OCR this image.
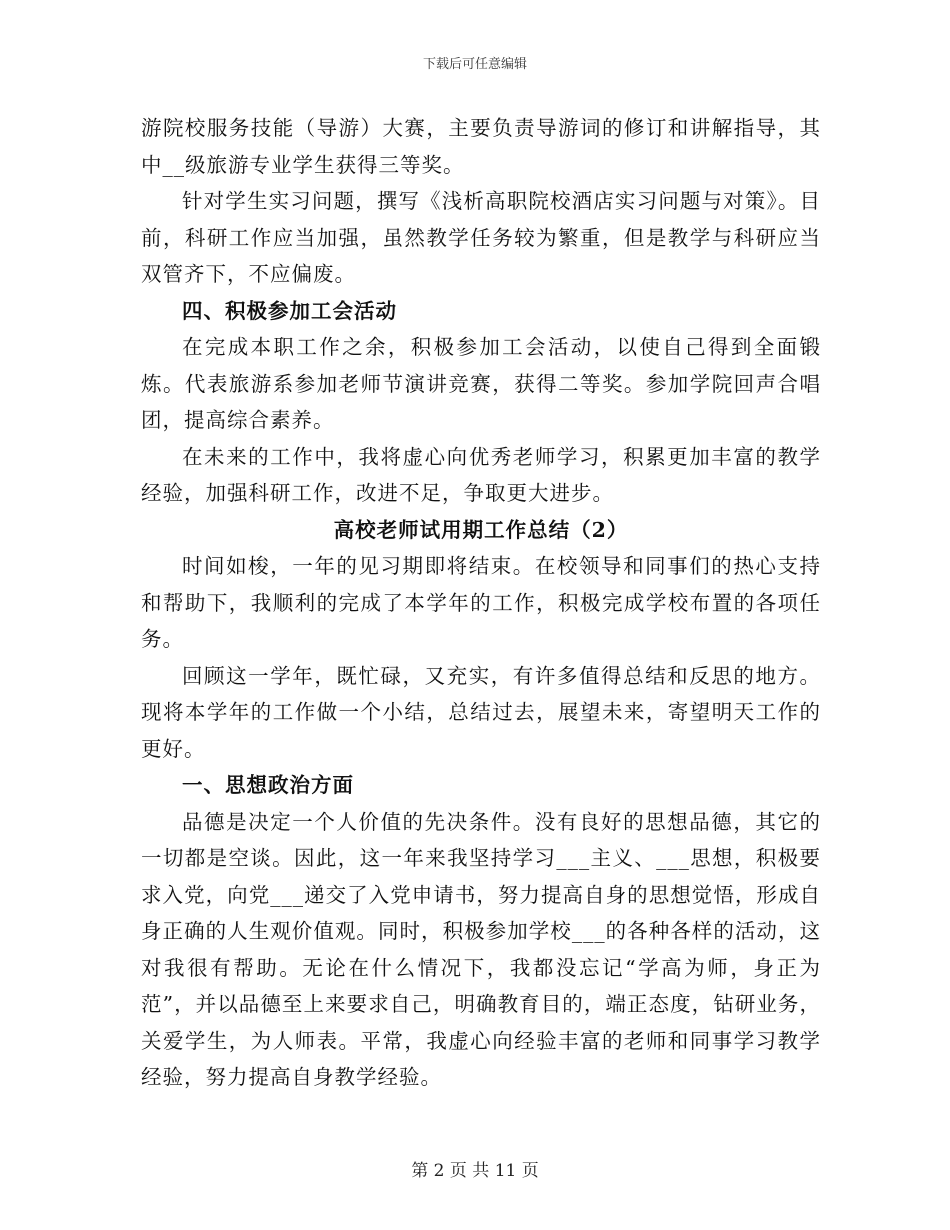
下载后可任意编辑

游院校服务技能（导游）大赛，主要负责导游词的修订和讲解指导，其中__级旅游专业学生获得三等奖。

针对学生实习问题，撰写《浅析高职院校酒店实习问题与对策》。目前，科研工作应当加强，虽然教学任务较为繁重，但是教学与科研应当双管齐下，不应偏废。

四、积极参加工会活动

在完成本职工作之余，积极参加工会活动，以使自己得到全面锻炼。代表旅游系参加老师节演讲竞赛，获得二等奖。参加学院回声合唱团，提高综合素养。

在未来的工作中，我将虚心向优秀老师学习，积累更加丰富的教学经验，加强科研工作，改进不足，争取更大进步。

高校老师试用期工作总结（2）

时间如梭，一年的见习期即将结束。在校领导和同事们的热心支持和帮助下，我顺利的完成了本学年的工作，积极完成学校布置的各项任务。

回顾这一学年，既忙碌，又充实，有许多值得总结和反思的地方。现将本学年的工作做一个小结，总结过去，展望未来，寄望明天工作的更好。

一、思想政治方面

品德是决定一个人价值的先决条件。没有良好的思想品德，其它的一切都是空谈。因此，这一年来我坚持学习___主义、___思想，积极要求入党，向党___递交了入党申请书，努力提高自身的思想觉悟，形成自身正确的人生观价值观。同时，积极参加学校___的各种各样的活动，这对我很有帮助。无论在什么情况下，我都没忘记“学高为师，身正为范”，并以品德至上来要求自己，明确教育目的，端正态度，钻研业务，关爱学生，为人师表。平常，我虚心向经验丰富的老师和同事学习教学经验，努力提高自身教学经验。

第 2 页 共 11 页
